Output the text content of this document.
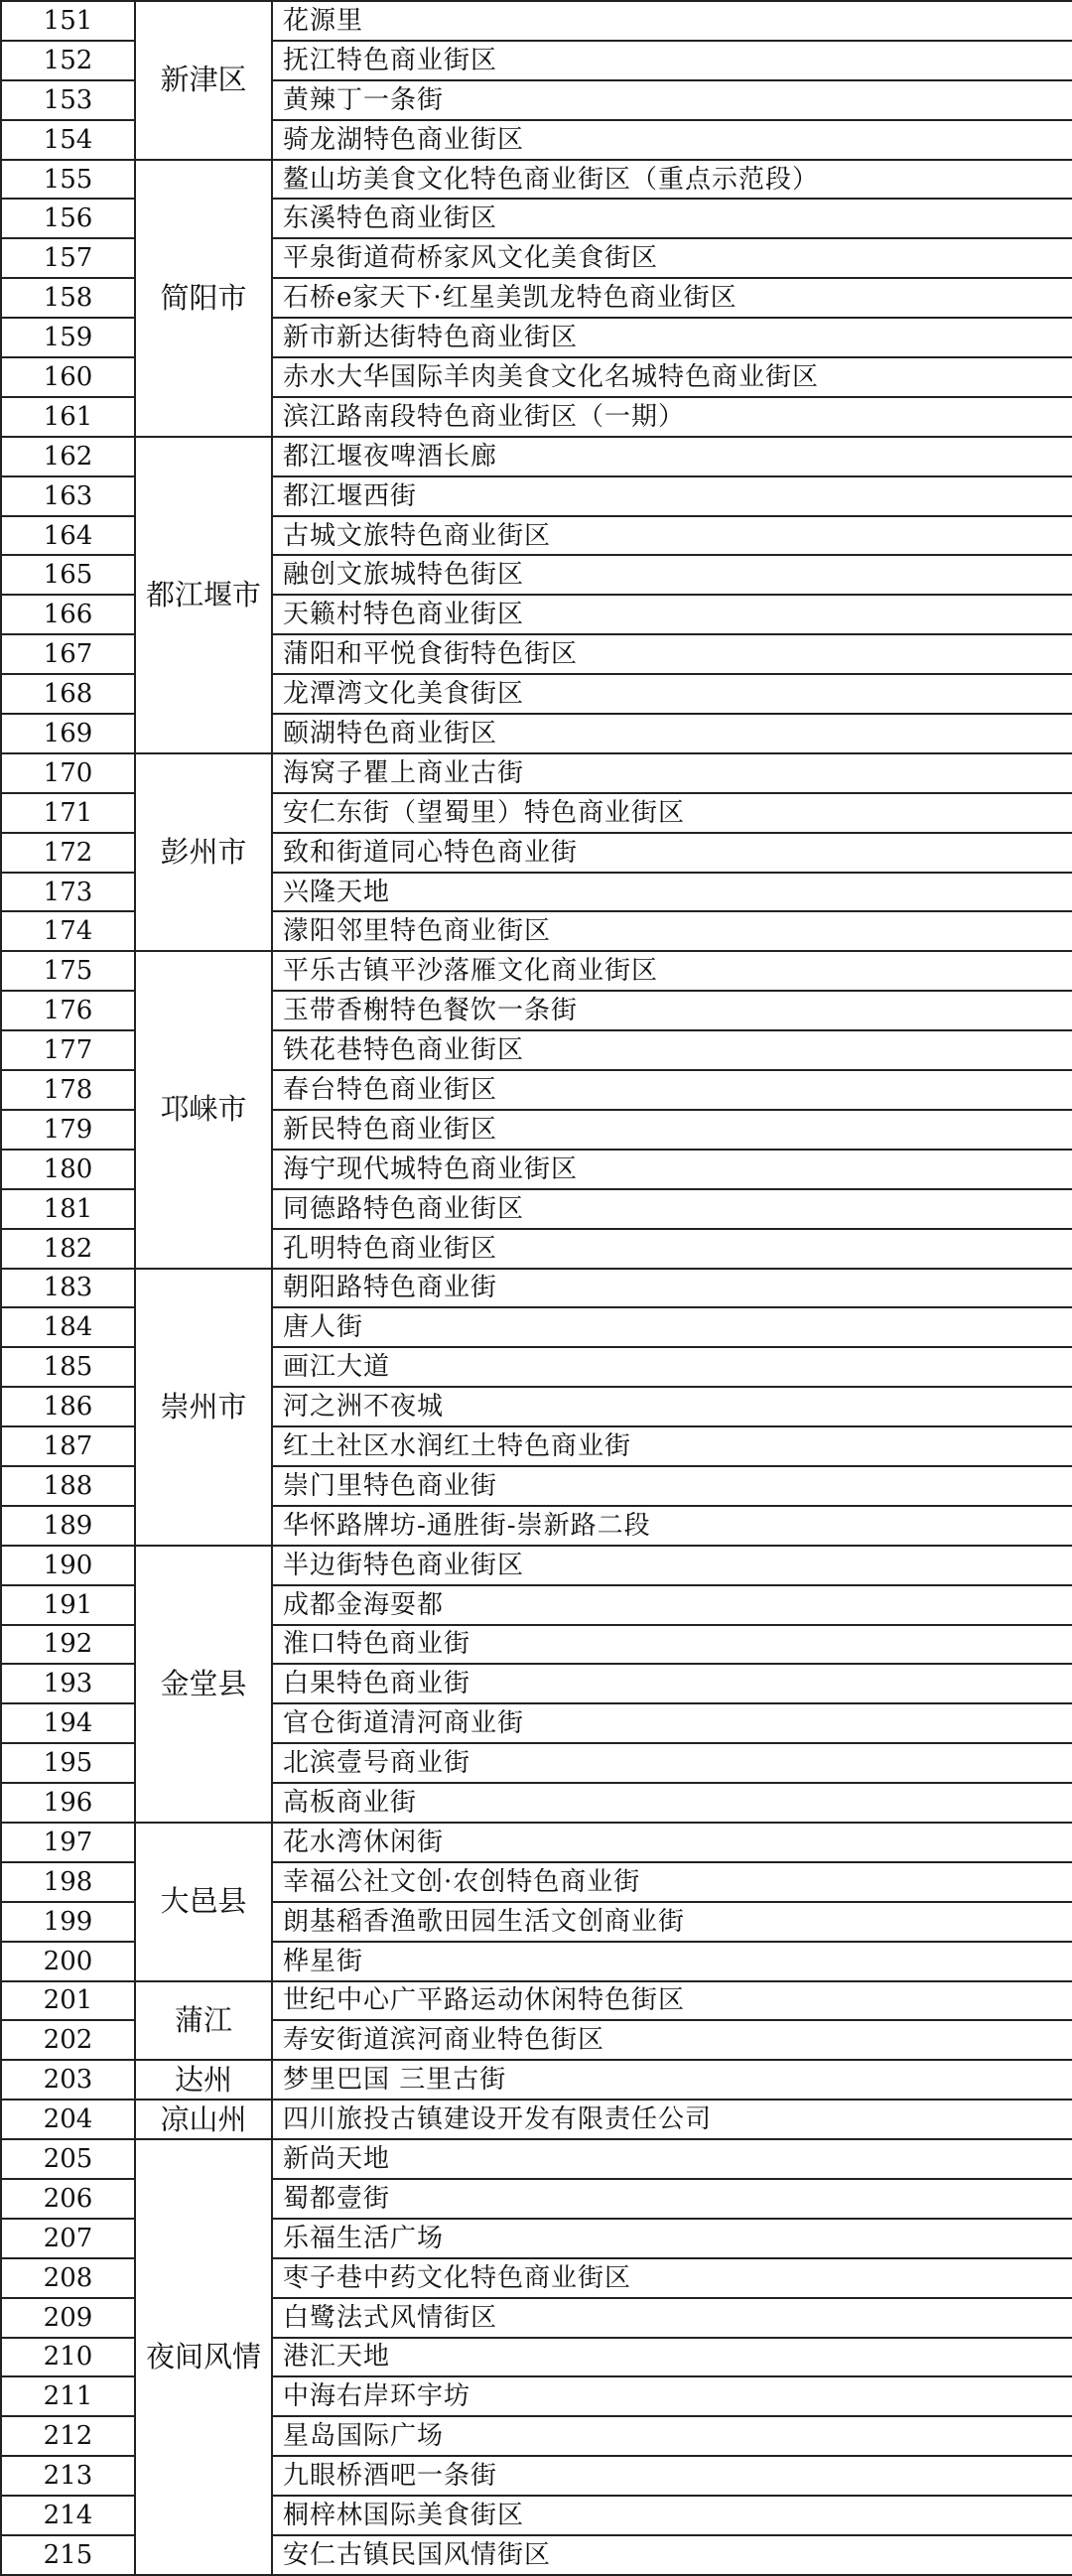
151	新津区	花源里
152		抚江特色商业街区
153		黄辣丁一条街
154		骑龙湖特色商业街区
155	简阳市	鳌山坊美食文化特色商业街区（重点示范段）
156		东溪特色商业街区
157		平泉街道荷桥家风文化美食街区
158		石桥e家天下·红星美凯龙特色商业街区
159		新市新达街特色商业街区
160		赤水大华国际羊肉美食文化名城特色商业街区
161		滨江路南段特色商业街区（一期）
162	都江堰市	都江堰夜啤酒长廊
163		都江堰西街
164		古城文旅特色商业街区
165		融创文旅城特色街区
166		天籁村特色商业街区
167		蒲阳和平悦食街特色街区
168		龙潭湾文化美食街区
169		颐湖特色商业街区
170	彭州市	海窝子瞿上商业古街
171		安仁东街（望蜀里）特色商业街区
172		致和街道同心特色商业街
173		兴隆天地
174		濛阳邻里特色商业街区
175	邛崃市	平乐古镇平沙落雁文化商业街区
176		玉带香榭特色餐饮一条街
177		铁花巷特色商业街区
178		春台特色商业街区
179		新民特色商业街区
180		海宁现代城特色商业街区
181		同德路特色商业街区
182		孔明特色商业街区
183	崇州市	朝阳路特色商业街
184		唐人街
185		画江大道
186		河之洲不夜城
187		红土社区水润红土特色商业街
188		崇门里特色商业街
189		华怀路牌坊-通胜街-崇新路二段
190	金堂县	半边街特色商业街区
191		成都金海耍都
192		淮口特色商业街
193		白果特色商业街
194		官仓街道清河商业街
195		北滨壹号商业街
196		高板商业街
197	大邑县	花水湾休闲街
198		幸福公社文创·农创特色商业街
199		朗基稻香渔歌田园生活文创商业街
200		桦星街
201	蒲江	世纪中心广平路运动休闲特色街区
202		寿安街道滨河商业特色街区
203	达州	梦里巴国 三里古街
204	凉山州	四川旅投古镇建设开发有限责任公司
205	夜间风情	新尚天地
206		蜀都壹街
207		乐福生活广场
208		枣子巷中药文化特色商业街区
209		白鹭法式风情街区
210		港汇天地
211		中海右岸环宇坊
212		星岛国际广场
213		九眼桥酒吧一条街
214		桐梓林国际美食街区
215		安仁古镇民国风情街区
